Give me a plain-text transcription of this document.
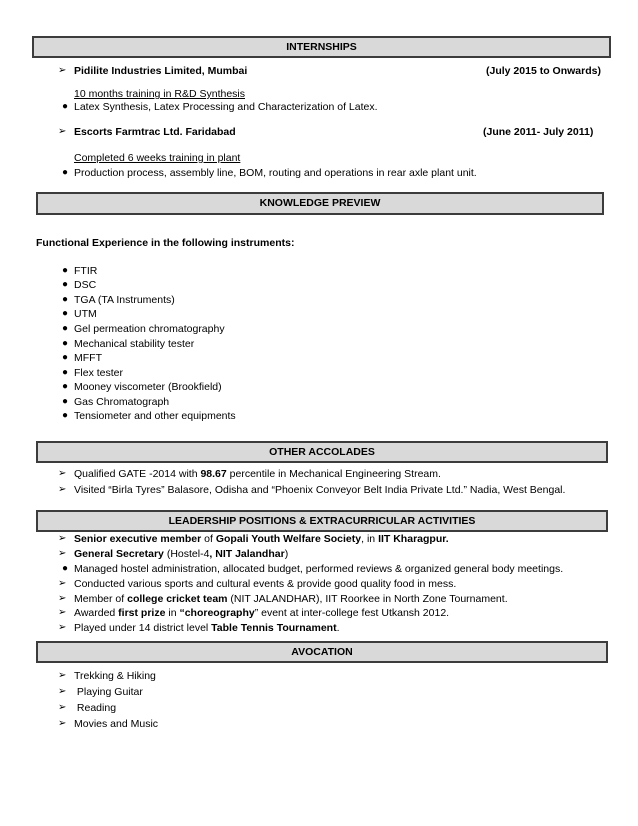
INTERNSHIPS
➢ Pidilite Industries Limited, Mumbai	(July 2015 to Onwards)
10 months training in R&D Synthesis
● Latex Synthesis, Latex Processing and Characterization of Latex.
➢ Escorts Farmtrac Ltd. Faridabad	(June 2011- July 2011)
Completed 6 weeks training in plant
● Production process, assembly line, BOM, routing and operations in rear axle plant unit.
KNOWLEDGE PREVIEW
Functional Experience in the following instruments:
● FTIR
● DSC
● TGA (TA Instruments)
● UTM
● Gel permeation chromatography
● Mechanical stability tester
● MFFT
● Flex tester
● Mooney viscometer (Brookfield)
● Gas Chromatograph
● Tensiometer and other equipments
OTHER ACCOLADES
➢ Qualified GATE -2014 with 98.67 percentile in Mechanical Engineering Stream.
➢ Visited “Birla Tyres” Balasore, Odisha and “Phoenix Conveyor Belt India Private Ltd.” Nadia, West Bengal.
LEADERSHIP POSITIONS & EXTRACURRICULAR ACTIVITIES
➢ Senior executive member of Gopali Youth Welfare Society, in IIT Kharagpur.
➢ General Secretary (Hostel-4, NIT Jalandhar)
● Managed hostel administration, allocated budget, performed reviews & organized general body meetings.
➢ Conducted various sports and cultural events & provide good quality food in mess.
➢ Member of college cricket team (NIT JALANDHAR), IIT Roorkee in North Zone Tournament.
➢ Awarded first prize in “choreography” event at inter-college fest Utkansh 2012.
➢ Played under 14 district level Table Tennis Tournament.
AVOCATION
➢ Trekking & Hiking
➢ Playing Guitar
➢ Reading
➢ Movies and Music
